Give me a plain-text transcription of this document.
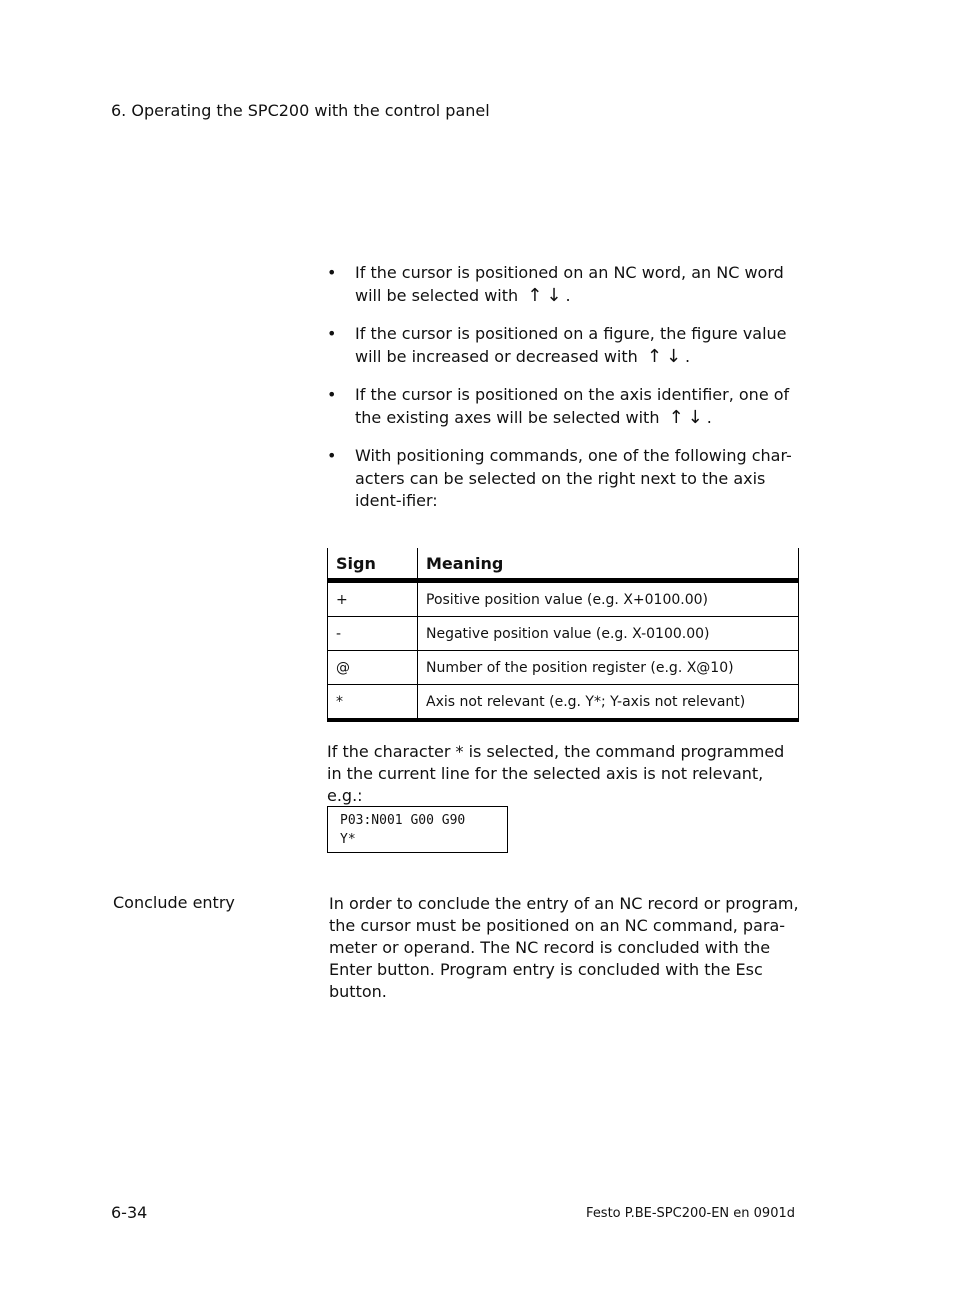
6. Operating the SPC200 with the control panel
• If the cursor is positioned on an NC word, an NC word will be selected with ↑↓.
• If the cursor is positioned on a figure, the figure value will be increased or decreased with ↑↓.
• If the cursor is positioned on the axis identifier, one of the existing axes will be selected with ↑↓.
• With positioning commands, one of the following char-acters can be selected on the right next to the axis ident-ifier:
Sign	Meaning
+	Positive position value (e.g. X+0100.00)
-	Negative position value (e.g. X-0100.00)
@	Number of the position register (e.g. X@10)
*	Axis not relevant (e.g. Y*; Y-axis not relevant)
If the character * is selected, the command programmed in the current line for the selected axis is not relevant, e.g.:
P03:N001 G00 G90
Y*
Conclude entry	In order to conclude the entry of an NC record or program, the cursor must be positioned on an NC command, para-meter or operand. The NC record is concluded with the Enter button. Program entry is concluded with the Esc button.
6-34	Festo P.BE-SPC200-EN en 0901d
